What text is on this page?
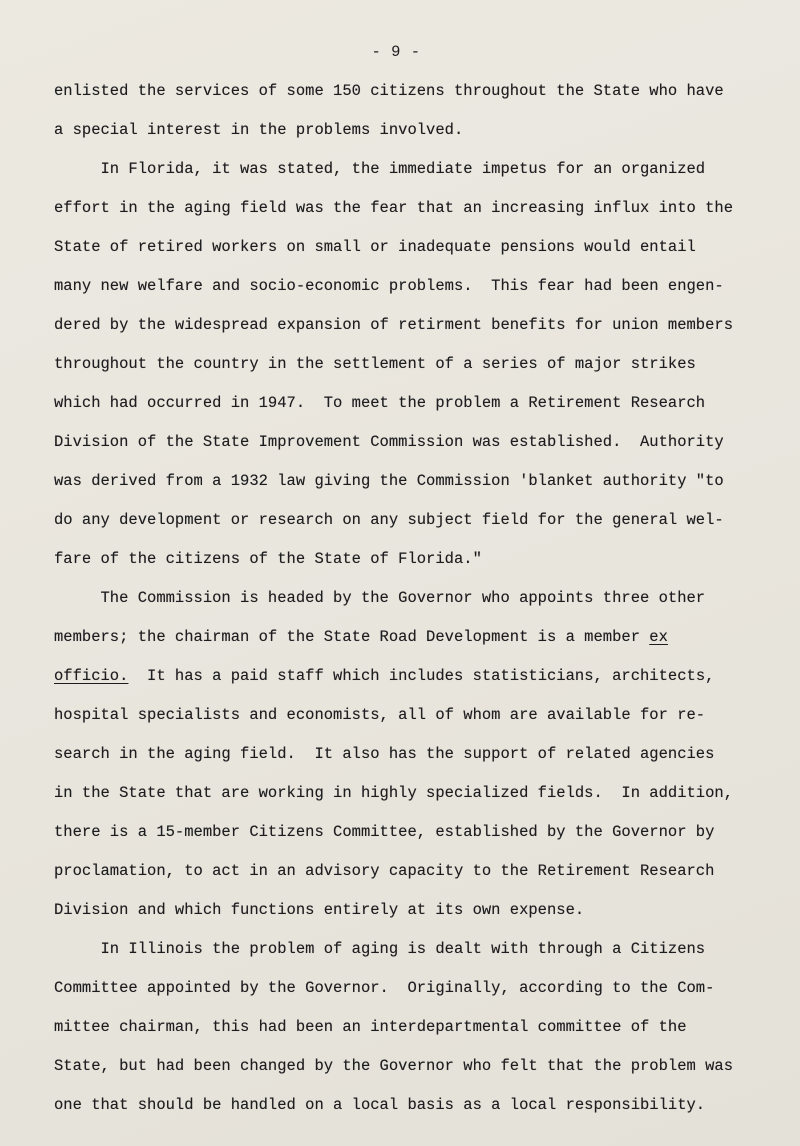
- 9 -
enlisted the services of some 150 citizens throughout the State who have
a special interest in the problems involved.
In Florida, it was stated, the immediate impetus for an organized
effort in the aging field was the fear that an increasing influx into the
State of retired workers on small or inadequate pensions would entail
many new welfare and socio-economic problems.  This fear had been engen-
dered by the widespread expansion of retirment benefits for union members
throughout the country in the settlement of a series of major strikes
which had occurred in 1947.  To meet the problem a Retirement Research
Division of the State Improvement Commission was established.  Authority
was derived from a 1932 law giving the Commission 'blanket authority "to
do any development or research on any subject field for the general wel-
fare of the citizens of the State of Florida."
The Commission is headed by the Governor who appoints three other
members; the chairman of the State Road Development is a member ex
officio.  It has a paid staff which includes statisticians, architects,
hospital specialists and economists, all of whom are available for re-
search in the aging field.  It also has the support of related agencies
in the State that are working in highly specialized fields.  In addition,
there is a 15-member Citizens Committee, established by the Governor by
proclamation, to act in an advisory capacity to the Retirement Research
Division and which functions entirely at its own expense.
In Illinois the problem of aging is dealt with through a Citizens
Committee appointed by the Governor.  Originally, according to the Com-
mittee chairman, this had been an interdepartmental committee of the
State, but had been changed by the Governor who felt that the problem was
one that should be handled on a local basis as a local responsibility.
